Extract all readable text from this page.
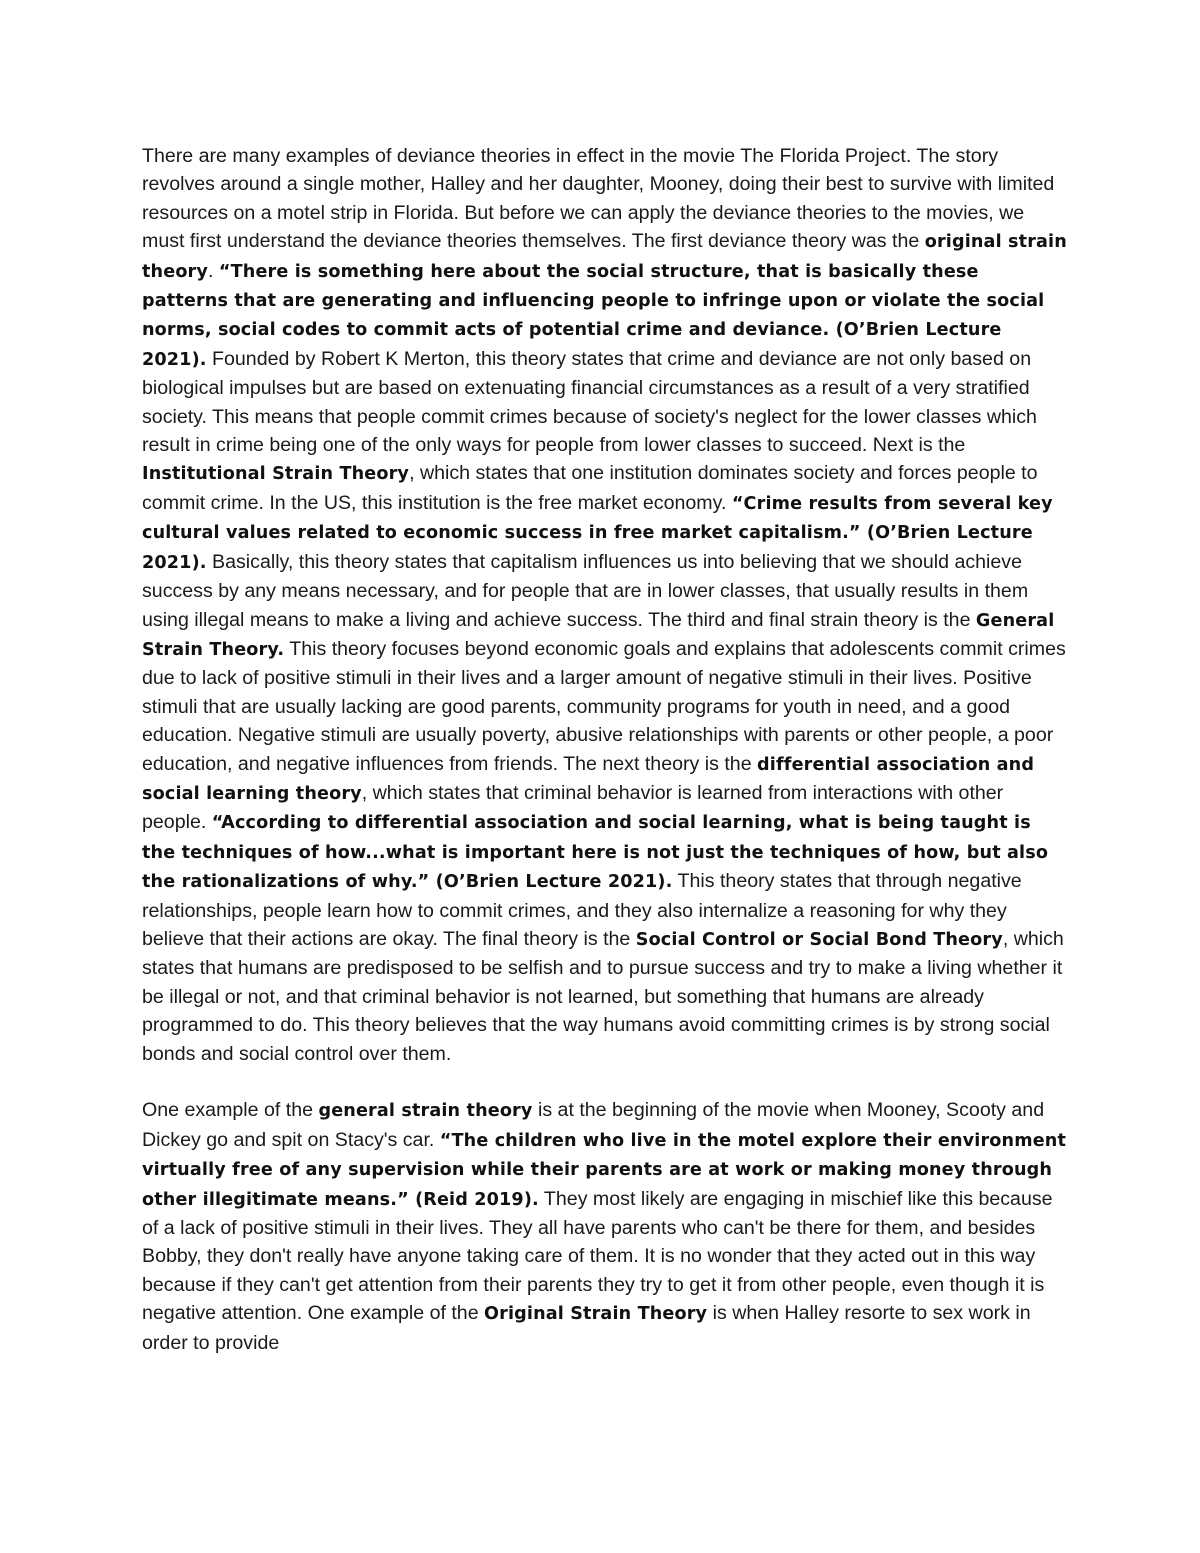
There are many examples of deviance theories in effect in the movie The Florida Project. The story revolves around a single mother, Halley and her daughter, Mooney, doing their best to survive with limited resources on a motel strip in Florida. But before we can apply the deviance theories to the movies, we must first understand the deviance theories themselves. The first deviance theory was the original strain theory. “There is something here about the social structure, that is basically these patterns that are generating and influencing people to infringe upon or violate the social norms, social codes to commit acts of potential crime and deviance. (O’Brien Lecture 2021). Founded by Robert K Merton, this theory states that crime and deviance are not only based on biological impulses but are based on extenuating financial circumstances as a result of a very stratified society. This means that people commit crimes because of society's neglect for the lower classes which result in crime being one of the only ways for people from lower classes to succeed. Next is the Institutional Strain Theory, which states that one institution dominates society and forces people to commit crime. In the US, this institution is the free market economy. “Crime results from several key cultural values related to economic success in free market capitalism.” (O’Brien Lecture 2021). Basically, this theory states that capitalism influences us into believing that we should achieve success by any means necessary, and for people that are in lower classes, that usually results in them using illegal means to make a living and achieve success. The third and final strain theory is the General Strain Theory. This theory focuses beyond economic goals and explains that adolescents commit crimes due to lack of positive stimuli in their lives and a larger amount of negative stimuli in their lives. Positive stimuli that are usually lacking are good parents, community programs for youth in need, and a good education. Negative stimuli are usually poverty, abusive relationships with parents or other people, a poor education, and negative influences from friends. The next theory is the differential association and social learning theory, which states that criminal behavior is learned from interactions with other people. “According to differential association and social learning, what is being taught is the techniques of how...what is important here is not just the techniques of how, but also the rationalizations of why.” (O’Brien Lecture 2021). This theory states that through negative relationships, people learn how to commit crimes, and they also internalize a reasoning for why they believe that their actions are okay. The final theory is the Social Control or Social Bond Theory, which states that humans are predisposed to be selfish and to pursue success and try to make a living whether it be illegal or not, and that criminal behavior is not learned, but something that humans are already programmed to do. This theory believes that the way humans avoid committing crimes is by strong social bonds and social control over them.

One example of the general strain theory is at the beginning of the movie when Mooney, Scooty and Dickey go and spit on Stacy's car. “The children who live in the motel explore their environment virtually free of any supervision while their parents are at work or making money through other illegitimate means.” (Reid 2019). They most likely are engaging in mischief like this because of a lack of positive stimuli in their lives. They all have parents who can't be there for them, and besides Bobby, they don't really have anyone taking care of them. It is no wonder that they acted out in this way because if they can't get attention from their parents they try to get it from other people, even though it is negative attention. One example of the Original Strain Theory is when Halley resorte to sex work in order to provide
